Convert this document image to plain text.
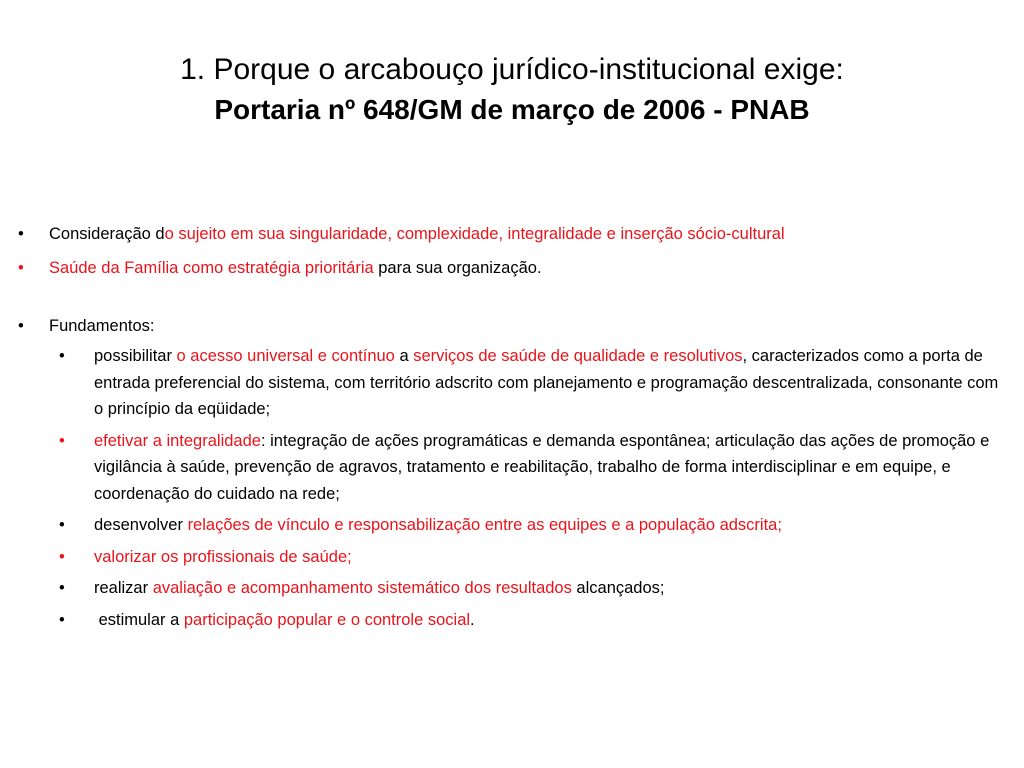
1. Porque o arcabouço jurídico-institucional exige:
Portaria nº 648/GM de março de 2006 - PNAB
•	Consideração do sujeito em sua singularidade, complexidade, integralidade e inserção sócio-cultural
•	Saúde da Família como estratégia prioritária para sua organização.
•	Fundamentos:
•	possibilitar o acesso universal e contínuo a serviços de saúde de qualidade e resolutivos, caracterizados como a porta de entrada preferencial do sistema, com território adscrito com planejamento e programação descentralizada, consonante com o princípio da eqüidade;
•	efetivar a integralidade: integração de ações programáticas e demanda espontânea; articulação das ações de promoção e vigilância à saúde, prevenção de agravos, tratamento e reabilitação, trabalho de forma interdisciplinar e em equipe, e coordenação do cuidado na rede;
•	desenvolver relações de vínculo e responsabilização entre as equipes e a população adscrita;
•	valorizar os profissionais de saúde;
•	realizar avaliação e acompanhamento sistemático dos resultados alcançados;
•	estimular a participação popular e o controle social.
